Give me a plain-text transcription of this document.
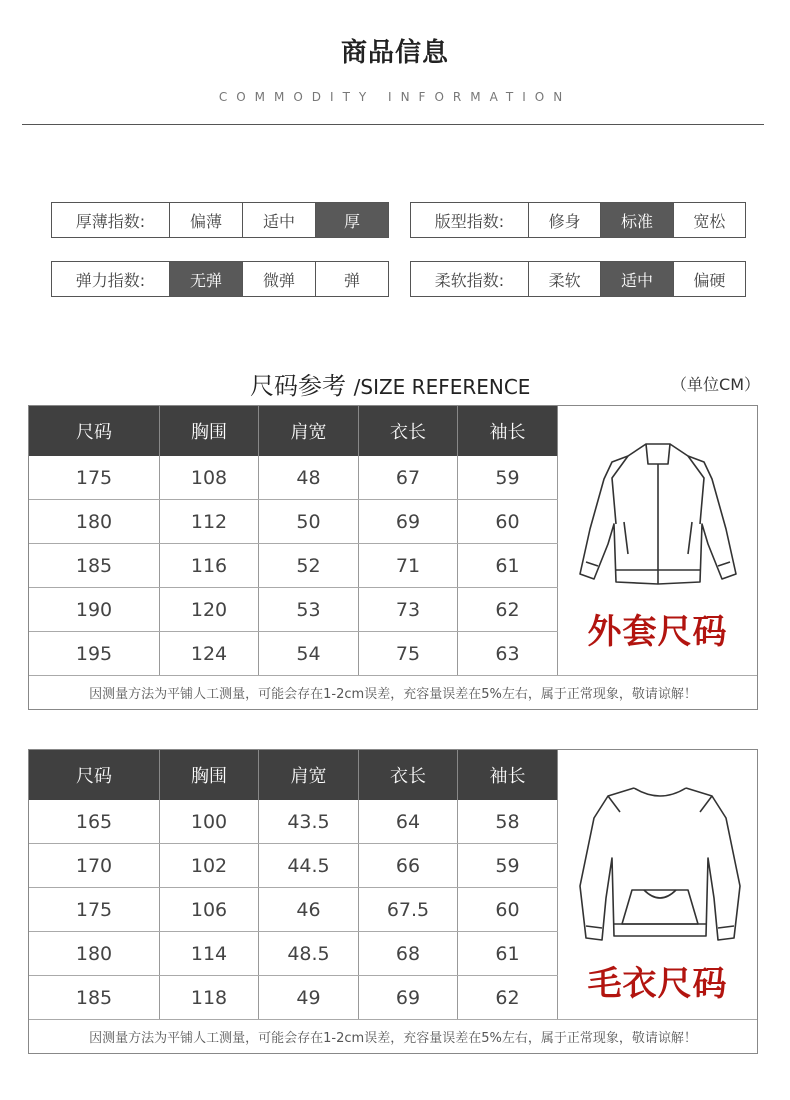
商品信息
COMMODITY INFORMATION
厚薄指数:	偏薄	适中	厚	版型指数:	修身	标准	宽松
弹力指数:	无弹	微弹	弹	柔软指数:	柔软	适中	偏硬
尺码参考 /SIZE REFERENCE	（单位CM）
尺码	胸围	肩宽	衣长	袖长
175	108	48	67	59
180	112	50	69	60
185	116	52	71	61
190	120	53	73	62
195	124	54	75	63
外套尺码
因测量方法为平铺人工测量，可能会存在1-2cm误差，充容量误差在5%左右，属于正常现象，敬请谅解！
尺码	胸围	肩宽	衣长	袖长
165	100	43.5	64	58
170	102	44.5	66	59
175	106	46	67.5	60
180	114	48.5	68	61
185	118	49	69	62	毛衣尺码
因测量方法为平铺人工测量，可能会存在1-2cm误差，充容量误差在5%左右，属于正常现象，敬请谅解！
